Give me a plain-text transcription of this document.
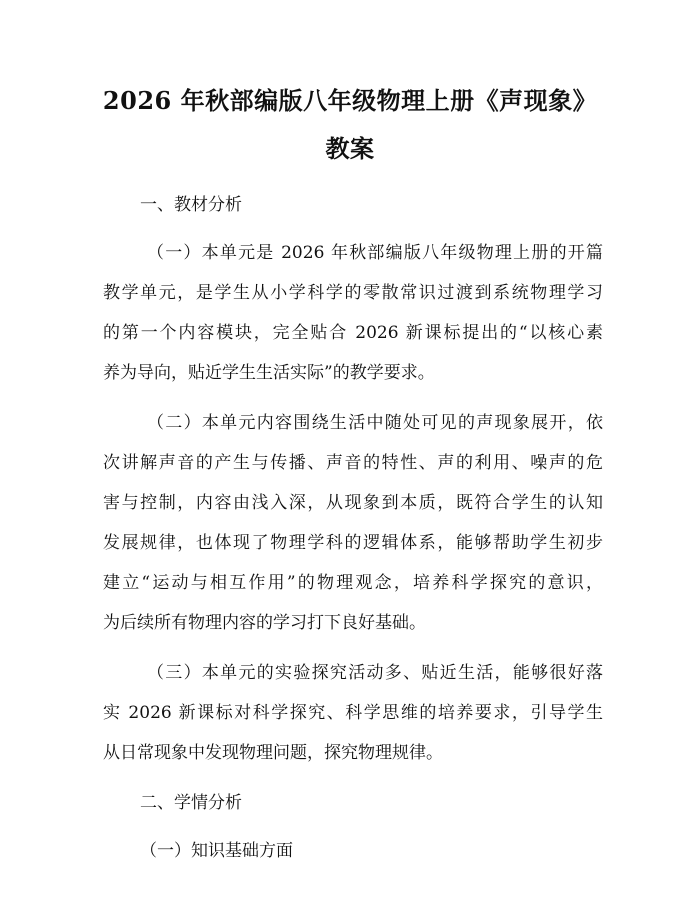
2026 年秋部编版八年级物理上册《声现象》
教案
一、教材分析
（一）本单元是 2026 年秋部编版八年级物理上册的开篇
教学单元，是学生从小学科学的零散常识过渡到系统物理学习
的第一个内容模块，完全贴合 2026 新课标提出的“以核心素
养为导向，贴近学生生活实际”的教学要求。
（二）本单元内容围绕生活中随处可见的声现象展开，依
次讲解声音的产生与传播、声音的特性、声的利用、噪声的危
害与控制，内容由浅入深，从现象到本质，既符合学生的认知
发展规律，也体现了物理学科的逻辑体系，能够帮助学生初步
建立“运动与相互作用”的物理观念，培养科学探究的意识，
为后续所有物理内容的学习打下良好基础。
（三）本单元的实验探究活动多、贴近生活，能够很好落
实 2026 新课标对科学探究、科学思维的培养要求，引导学生
从日常现象中发现物理问题，探究物理规律。
二、学情分析
（一）知识基础方面
